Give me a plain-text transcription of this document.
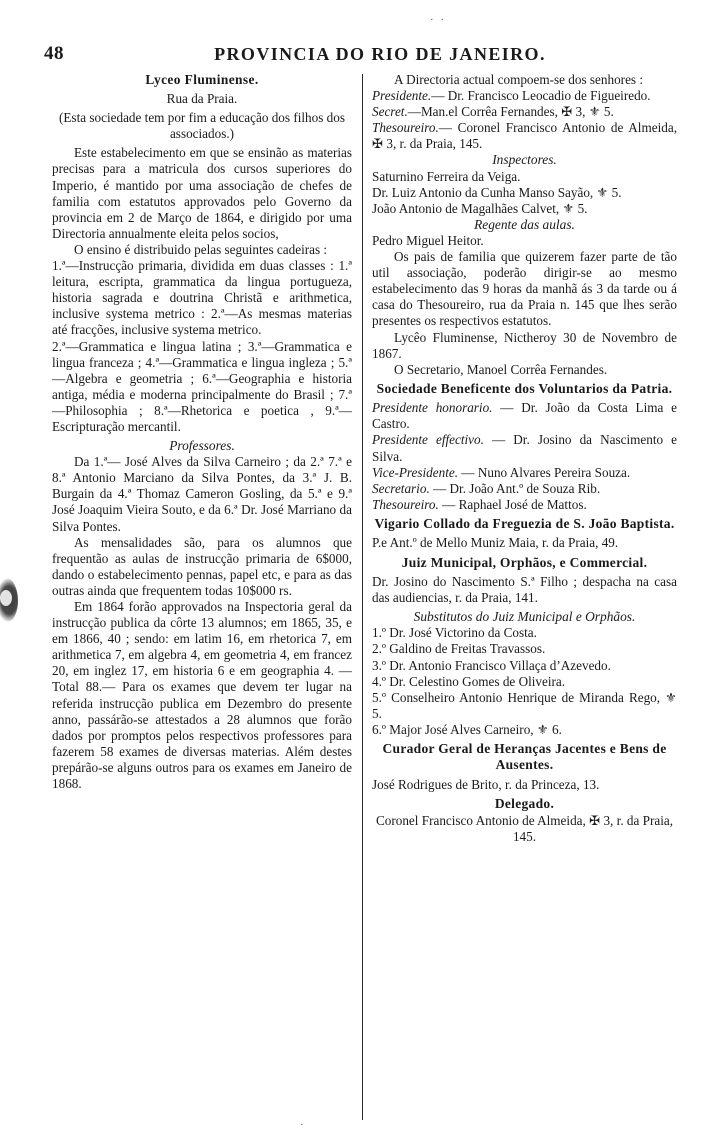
· ·
48	PROVINCIA DO RIO DE JANEIRO.

Lyceo Fluminense.

Rua da Praia.

(Esta sociedade tem por fim a educação dos filhos dos associados.)

Este estabelecimento em que se ensinão as materias precisas para a matricula dos cursos superiores do Imperio, é mantido por uma associação de chefes de familia com estatutos approvados pelo Governo da provincia em 2 de Março de 1864, e dirigido por uma Directoria annualmente eleita pelos socios,

O ensino é distribuido pelas seguintes cadeiras :

1.ª—Instrucção primaria, dividida em duas classes : 1.ª leitura, escripta, grammatica da lingua portugueza, historia sagrada e doutrina Christã e arithmetica, inclusive systema metrico : 2.ª—As mesmas materias até fracções, inclusive systema metrico.

2.ª—Grammatica e lingua latina ; 3.ª—Grammatica e lingua franceza ; 4.ª—Grammatica e lingua ingleza ; 5.ª—Algebra e geometria ; 6.ª—Geographia e historia antiga, média e moderna principalmente do Brasil ; 7.ª—Philosophia ; 8.ª—Rhetorica e poetica , 9.ª—Escripturação mercantil.

Professores.

Da 1.ª— José Alves da Silva Carneiro ; da 2.ª 7.ª e 8.ª Antonio Marciano da Silva Pontes, da 3.ª J. B. Burgain da 4.ª Thomaz Cameron Gosling, da 5.ª e 9.ª José Joaquim Vieira Souto, e da 6.ª Dr. José Marriano da Silva Pontes.

As mensalidades são, para os alumnos que frequentão as aulas de instrucção primaria de 6$000, dando o estabelecimento pennas, papel etc, e para as das outras ainda que frequentem todas 10$000 rs.

Em 1864 forão approvados na Inspectoria geral da instrucção publica da côrte 13 alumnos; em 1865, 35, e em 1866, 40 ; sendo: em latim 16, em rhetorica 7, em arithmetica 7, em algebra 4, em geometria 4, em francez 20, em inglez 17, em historia 6 e em geographia 4. — Total 88.— Para os exames que devem ter lugar na referida instrucção publica em Dezembro do presente anno, passárão-se attestados a 28 alumnos que forão dados por promptos pelos respectivos professores para fazerem 58 exames de diversas materias. Além destes prepárão-se alguns outros para os exames em Janeiro de 1868.

A Directoria actual compoem-se dos senhores :

Presidente.— Dr. Francisco Leocadio de Figueiredo.

Secret.—Man.el Corrêa Fernandes, ✠ 3, ⚜ 5.

Thesoureiro.— Coronel Francisco Antonio de Almeida, ✠ 3, r. da Praia, 145.

Inspectores.

Saturnino Ferreira da Veiga.

Dr. Luiz Antonio da Cunha Manso Sayão, ⚜ 5.

João Antonio de Magalhães Calvet, ⚜ 5.

Regente das aulas.

Pedro Miguel Heitor.

Os pais de familia que quizerem fazer parte de tão util associação, poderão dirigir-se ao mesmo estabelecimento das 9 horas da manhã ás 3 da tarde ou á casa do Thesoureiro, rua da Praia n. 145 que lhes serão presentes os respectivos estatutos.

Lycêo Fluminense, Nictheroy 30 de Novembro de 1867.

O Secretario, Manoel Corrêa Fernandes.

Sociedade Beneficente dos Voluntarios da Patria.

Presidente honorario. — Dr. João da Costa Lima e Castro.

Presidente effectivo. — Dr. Josino da Nascimento e Silva.

Vice-Presidente. — Nuno Alvares Pereira Souza.

Secretario. — Dr. João Ant.º de Souza Rib.

Thesoureiro. — Raphael José de Mattos.

Vigario Collado da Freguezia de S. João Baptista.

P.e Ant.º de Mello Muniz Maia, r. da Praia, 49.

Juiz Municipal, Orphãos, e Commercial.

Dr. Josino do Nascimento S.ª Filho ; despacha na casa das audiencias, r. da Praia, 141.

Substitutos do Juiz Municipal e Orphãos.

1.º Dr. José Victorino da Costa.

2.º Galdino de Freitas Travassos.

3.º Dr. Antonio Francisco Villaça d’Azevedo.

4.º Dr. Celestino Gomes de Oliveira.

5.º Conselheiro Antonio Henrique de Miranda Rego, ⚜ 5.

6.º Major José Alves Carneiro, ⚜ 6.

Curador Geral de Heranças Jacentes e Bens de Ausentes.

José Rodrigues de Brito, r. da Princeza, 13.

Delegado.

Coronel Francisco Antonio de Almeida, ✠ 3, r. da Praia, 145.

·
